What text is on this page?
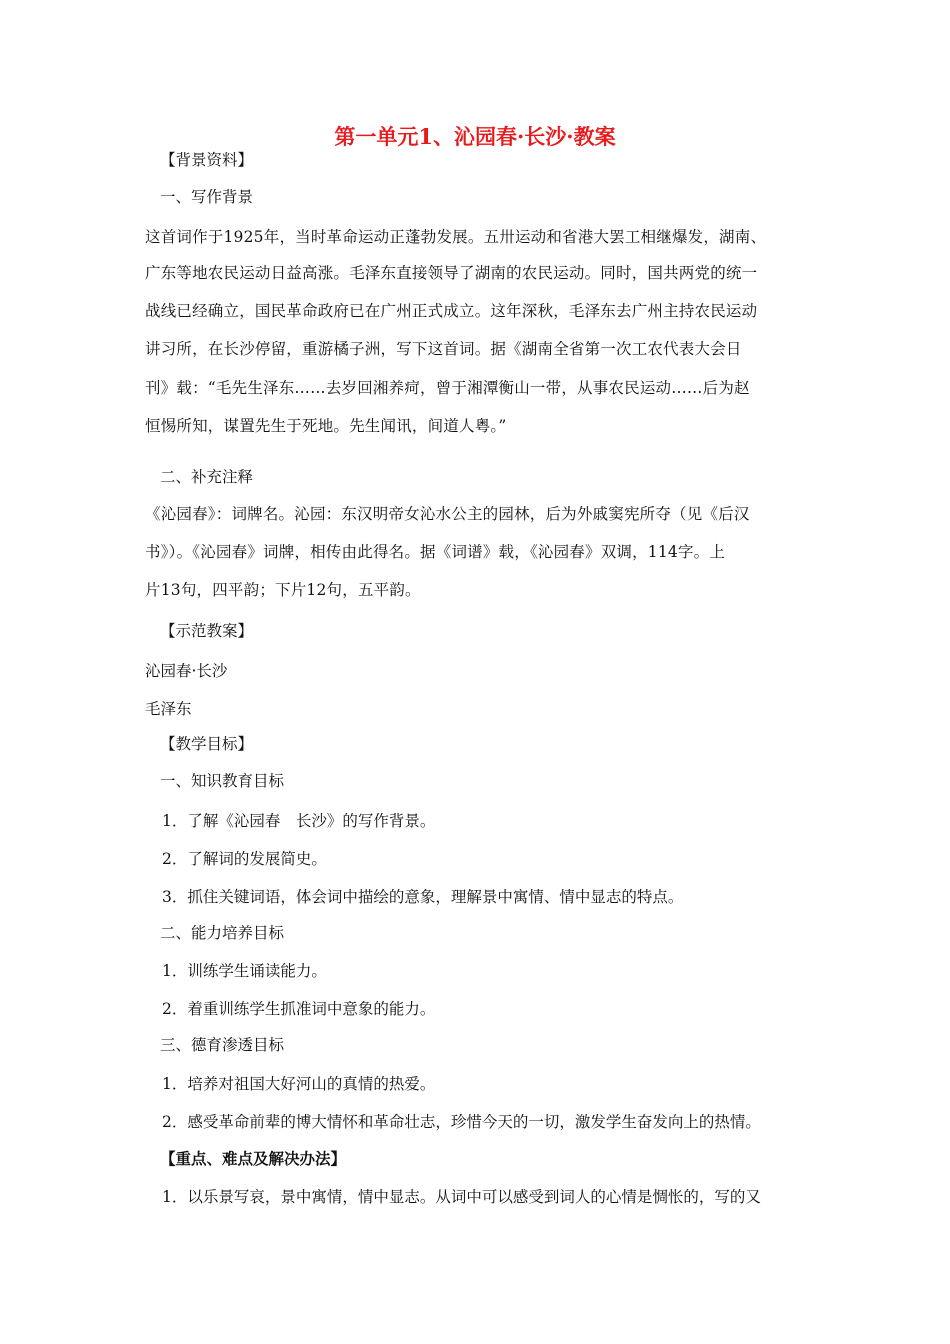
第一单元1、沁园春·长沙·教案
【背景资料】
一、写作背景
这首词作于1925年，当时革命运动正蓬勃发展。五卅运动和省港大罢工相继爆发，湖南、
广东等地农民运动日益高涨。毛泽东直接领导了湖南的农民运动。同时，国共两党的统一
战线已经确立，国民革命政府已在广州正式成立。这年深秋，毛泽东去广州主持农民运动
讲习所，在长沙停留，重游橘子洲，写下这首词。据《湖南全省第一次工农代表大会日
刊》载：“毛先生泽东……去岁回湘养疴，曾于湘潭衡山一带，从事农民运动……后为赵
恒惕所知，谋置先生于死地。先生闻讯，间道人粤。”
二、补充注释
《沁园春》：词牌名。沁园：东汉明帝女沁水公主的园林，后为外戚窦宪所夺（见《后汉
书》）。《沁园春》词牌，相传由此得名。据《词谱》载，《沁园春》双调，114字。上
片13句，四平韵；下片12句，五平韵。
【示范教案】
沁园春·长沙
毛泽东
【教学目标】
一、知识教育目标
1．了解《沁园春　长沙》的写作背景。
2．了解词的发展简史。
3．抓住关键词语，体会词中描绘的意象，理解景中寓情、情中显志的特点。
二、能力培养目标
1．训练学生诵读能力。
2．着重训练学生抓准词中意象的能力。
三、德育渗透目标
1．培养对祖国大好河山的真情的热爱。
2．感受革命前辈的博大情怀和革命壮志，珍惜今天的一切，激发学生奋发向上的热情。
【重点、难点及解决办法】
1．以乐景写哀，景中寓情，情中显志。从词中可以感受到词人的心情是惆怅的，写的又
